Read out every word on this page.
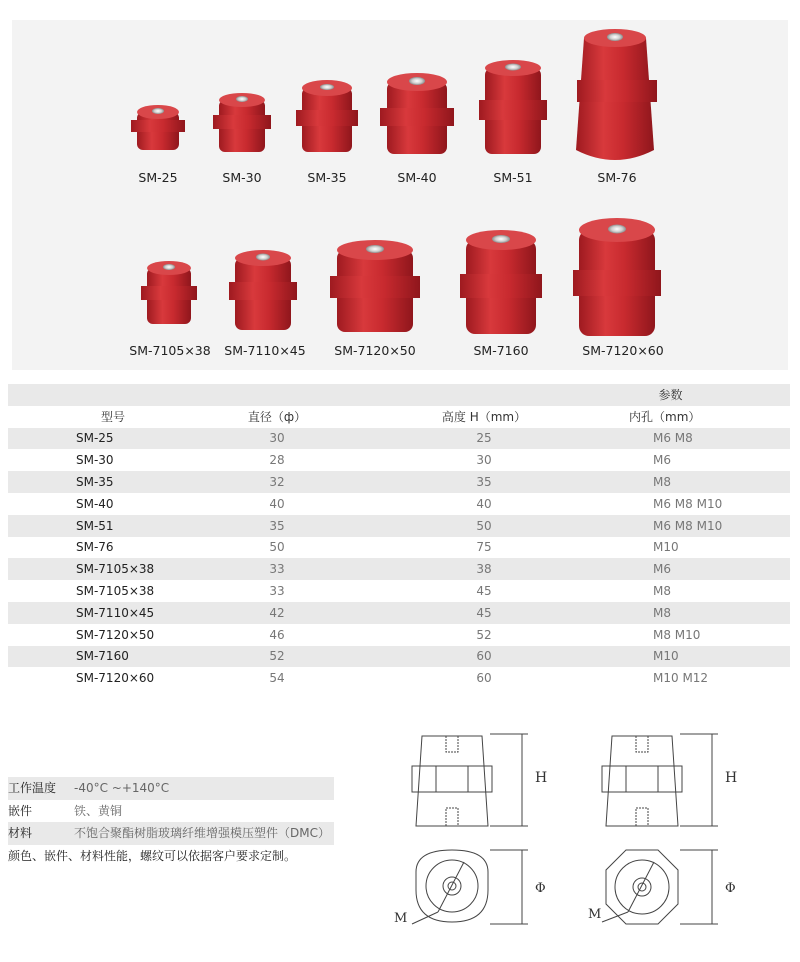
SM-25	SM-30	SM-35	SM-40	SM-51	SM-76
SM-7105×38 SM-7110×45 SM-7120×50	SM-7160	SM-7120×60
		参数	
型号	直径（ф）	高度 H（mm）	内孔（mm）
SM-25	30	25	M6 M8
SM-30	28	30	M6
SM-35	32	35	M8
SM-40	40	40	M6 M8 M10
SM-51	35	50	M6 M8 M10
SM-76	50	75	M10
SM-7105×38	33	38	M6
SM-7105×38	33	45	M8
SM-7110×45	42	45	M8
SM-7120×50	46	52	M8 M10
SM-7160	52	60	M10
SM-7120×60	54	60	M10 M12
工作温度	-40°C ~+140°C
嵌件	铁、黄铜
材料	不饱合聚酯树脂玻璃纤维增强模压塑件（DMC）
颜色、嵌件、材料性能，螺纹可以依据客户要求定制。
H
Φ
M
H
Φ
M
